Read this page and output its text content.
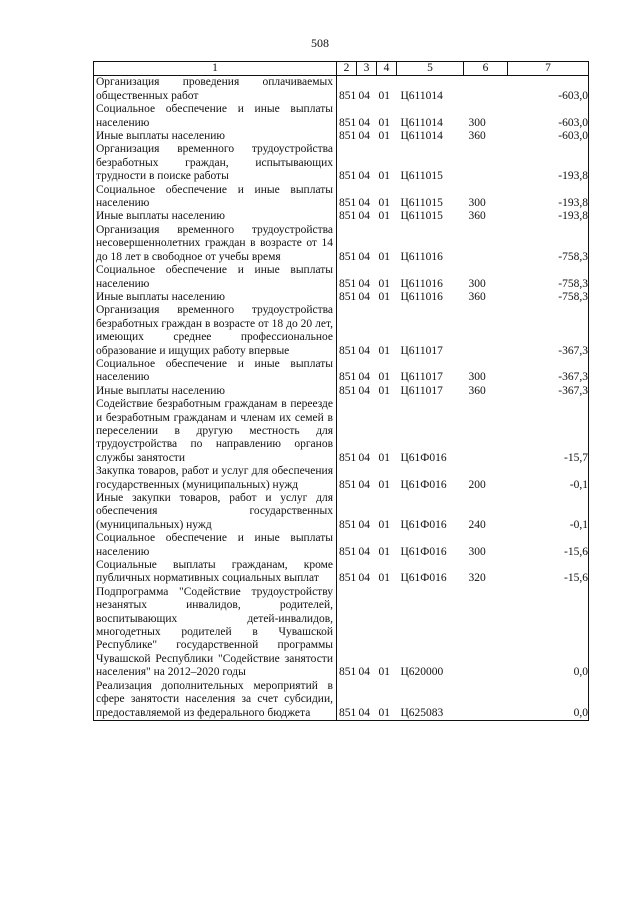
508
1	2	3	4	5	6	7
Организация проведения оплачиваемых общественных работ	851	04	01	Ц611014		-603,0
Социальное обеспечение и иные выплаты населению	851	04	01	Ц611014	300	-603,0
Иные выплаты населению	851	04	01	Ц611014	360	-603,0
Организация временного трудоустройства безработных граждан, испытывающих трудности в поиске работы	851	04	01	Ц611015		-193,8
Социальное обеспечение и иные выплаты населению	851	04	01	Ц611015	300	-193,8
Иные выплаты населению	851	04	01	Ц611015	360	-193,8
Организация временного трудоустройства несовершеннолетних граждан в возрасте от 14 до 18 лет в свободное от учебы время	851	04	01	Ц611016		-758,3
Социальное обеспечение и иные выплаты населению	851	04	01	Ц611016	300	-758,3
Иные выплаты населению	851	04	01	Ц611016	360	-758,3
Организация временного трудоустройства безработных граждан в возрасте от 18 до 20 лет, имеющих среднее профессиональное образование и ищущих работу впервые	851	04	01	Ц611017		-367,3
Социальное обеспечение и иные выплаты населению	851	04	01	Ц611017	300	-367,3
Иные выплаты населению	851	04	01	Ц611017	360	-367,3
Содействие безработным гражданам в переезде и безработным гражданам и членам их семей в переселении в другую местность для трудоустройства по направлению органов службы занятости	851	04	01	Ц61Ф016		-15,7
Закупка товаров, работ и услуг для обеспечения государственных (муниципальных) нужд	851	04	01	Ц61Ф016	200	-0,1
Иные закупки товаров, работ и услуг для обеспечения государственных (муниципальных) нужд	851	04	01	Ц61Ф016	240	-0,1
Социальное обеспечение и иные выплаты населению	851	04	01	Ц61Ф016	300	-15,6
Социальные выплаты гражданам, кроме публичных нормативных социальных выплат	851	04	01	Ц61Ф016	320	-15,6
Подпрограмма "Содействие трудоустройству незанятых инвалидов, родителей, воспитывающих детей-инвалидов, многодетных родителей в Чувашской Республике" государственной программы Чувашской Республики "Содействие занятости населения" на 2012–2020 годы	851	04	01	Ц620000		0,0
Реализация дополнительных мероприятий в сфере занятости населения за счет субсидии, предоставляемой из федерального бюджета	851	04	01	Ц625083		0,0
